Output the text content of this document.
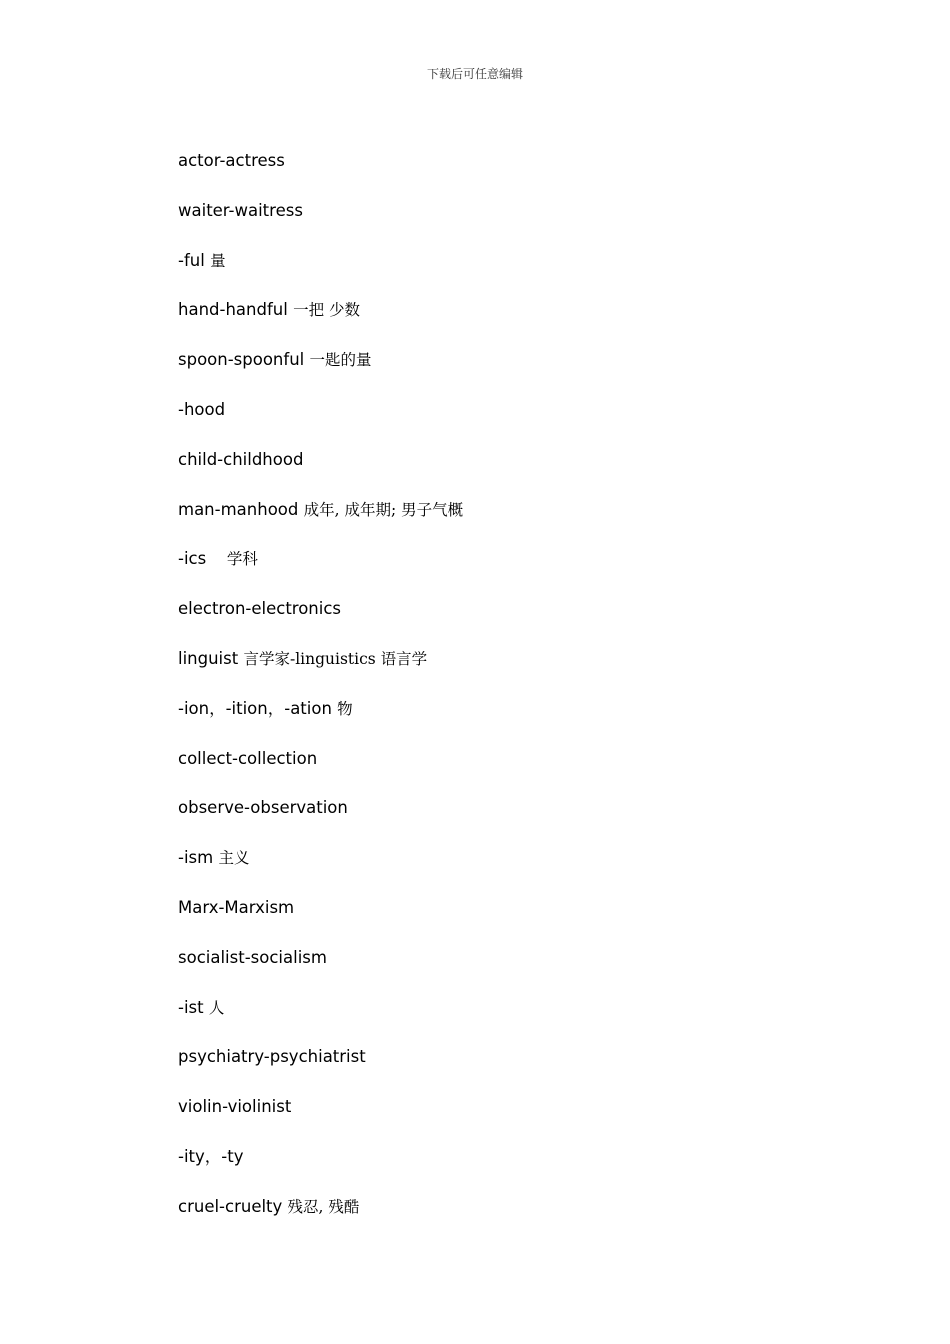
下载后可任意编辑
actor-actress
waiter-waitress
-ful 量
hand-handful 一把 少数
spoon-spoonful 一匙的量
-hood
child-childhood
man-manhood 成年, 成年期; 男子气概
-ics    学科
electron-electronics
linguist 言学家-linguistics 语言学
-ion，-ition，-ation 物
collect-collection
observe-observation
-ism 主义
Marx-Marxism
socialist-socialism
-ist 人
psychiatry-psychiatrist
violin-violinist
-ity，-ty
cruel-cruelty 残忍, 残酷
